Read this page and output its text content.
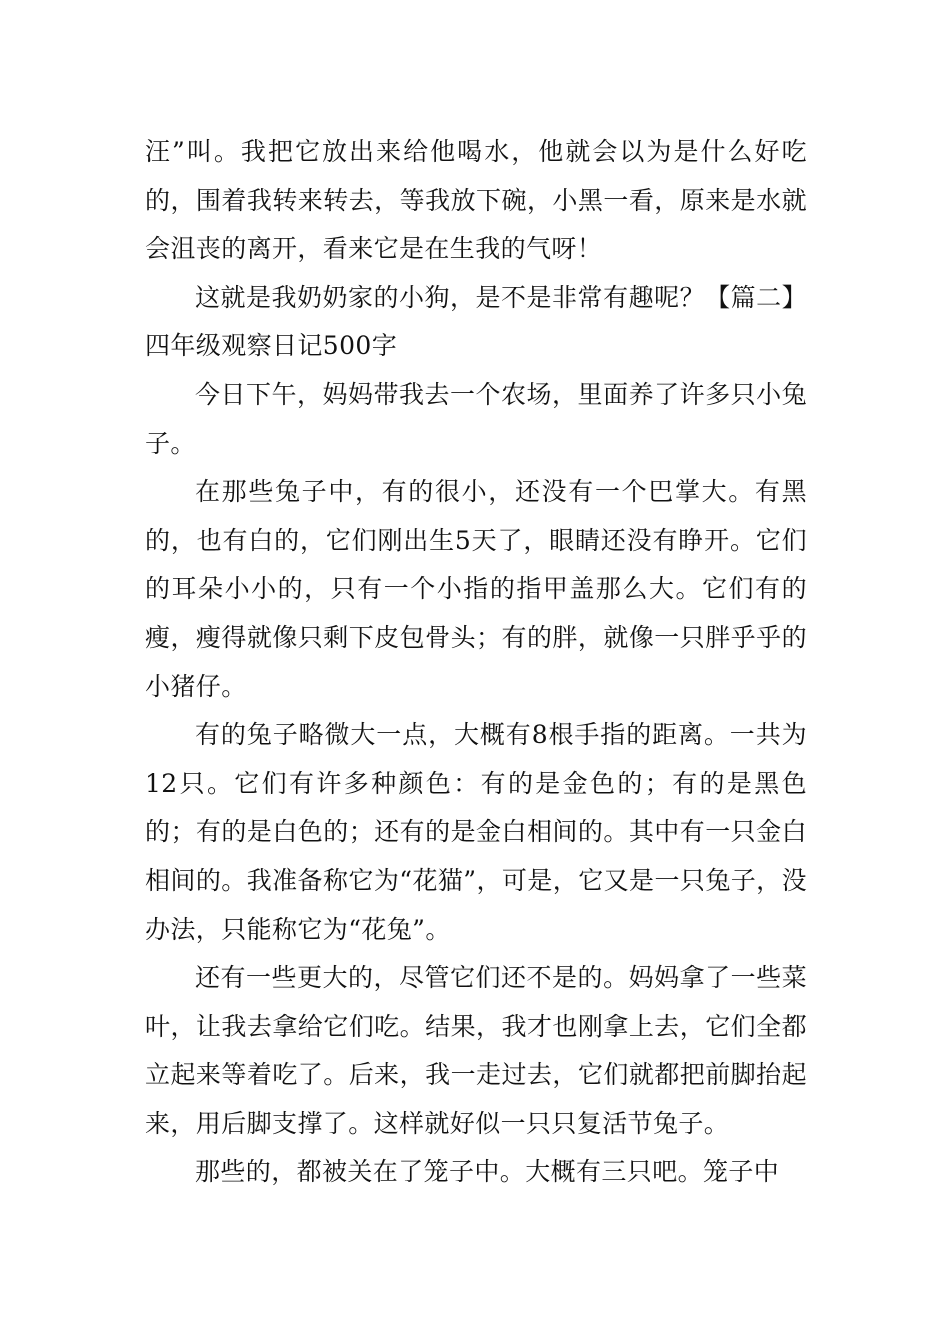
汪”叫。我把它放出来给他喝水，他就会以为是什么好吃的，围着我转来转去，等我放下碗，小黑一看，原来是水就会沮丧的离开，看来它是在生我的气呀！

这就是我奶奶家的小狗，是不是非常有趣呢？【篇二】四年级观察日记500字

今日下午，妈妈带我去一个农场，里面养了许多只小兔子。

在那些兔子中，有的很小，还没有一个巴掌大。有黑的，也有白的，它们刚出生5天了，眼睛还没有睁开。它们的耳朵小小的，只有一个小指的指甲盖那么大。它们有的瘦，瘦得就像只剩下皮包骨头；有的胖，就像一只胖乎乎的小猪仔。

有的兔子略微大一点，大概有8根手指的距离。一共为12只。它们有许多种颜色：有的是金色的；有的是黑色的；有的是白色的；还有的是金白相间的。其中有一只金白相间的。我准备称它为“花猫”，可是，它又是一只兔子，没办法，只能称它为“花兔”。

还有一些更大的，尽管它们还不是的。妈妈拿了一些菜叶，让我去拿给它们吃。结果，我才也刚拿上去，它们全都立起来等着吃了。后来，我一走过去，它们就都把前脚抬起来，用后脚支撑了。这样就好似一只只复活节兔子。

那些的，都被关在了笼子中。大概有三只吧。笼子中
